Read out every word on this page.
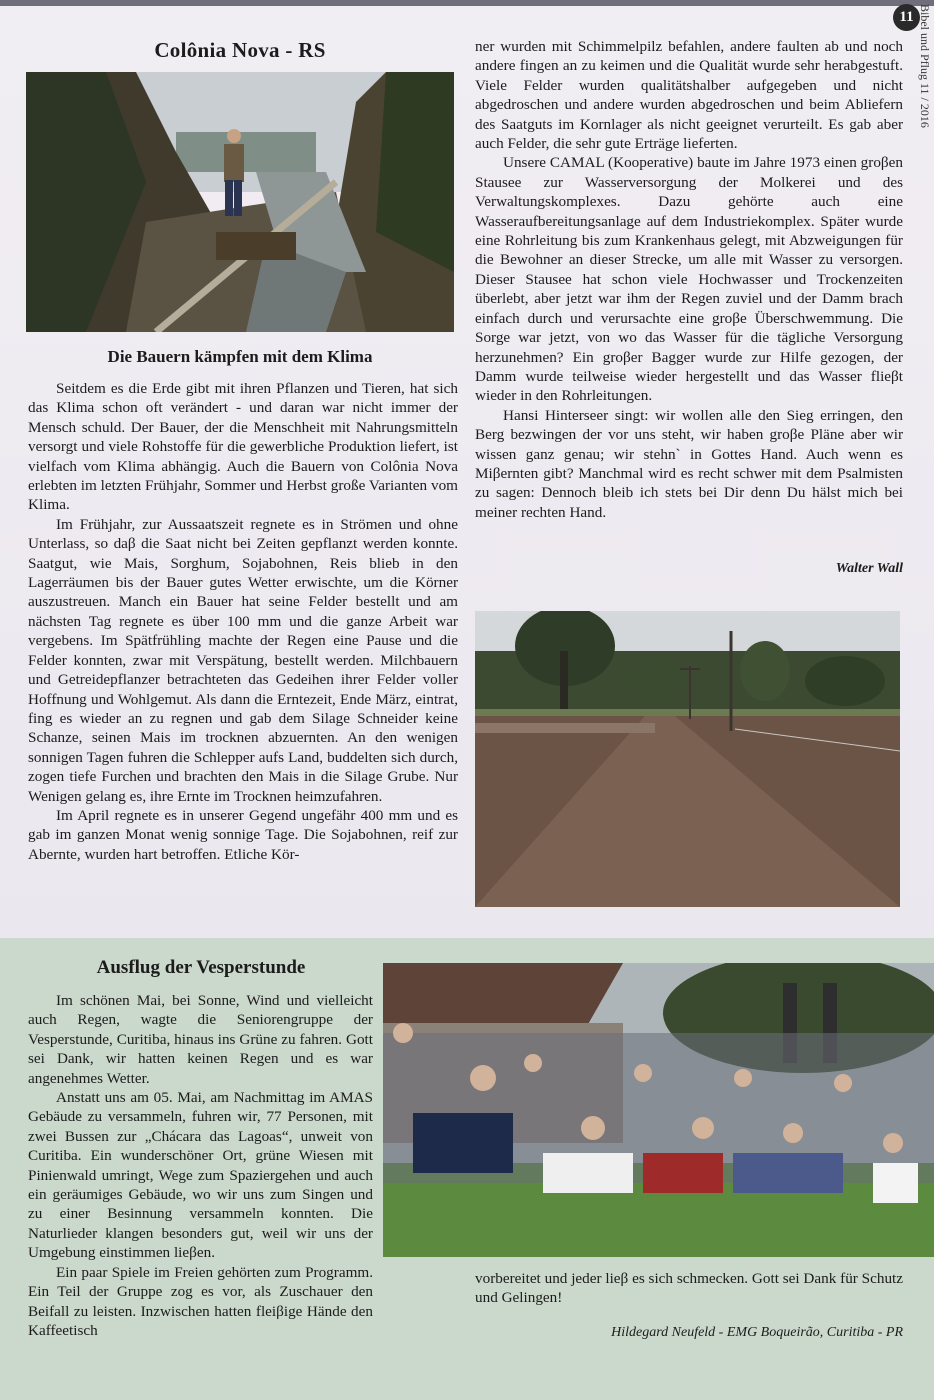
11 Bibel und Pflug 11 / 2016
Colônia Nova - RS
Die Bauern kämpfen mit dem Klima

Seitdem es die Erde gibt mit ihren Pflanzen und Tieren, hat sich das Klima schon oft verändert - und daran war nicht immer der Mensch schuld. Der Bauer, der die Menschheit mit Nahrungsmitteln versorgt und viele Rohstoffe für die gewerbliche Produktion liefert, ist vielfach vom Klima abhängig. Auch die Bauern von Colônia Nova erlebten im letzten Frühjahr, Sommer und Herbst große Varianten vom Klima.

Im Frühjahr, zur Aussaatszeit regnete es in Strömen und ohne Unterlass, so daβ die Saat nicht bei Zeiten gepflanzt werden konnte. Saatgut, wie Mais, Sorghum, Sojabohnen, Reis blieb in den Lagerräumen bis der Bauer gutes Wetter erwischte, um die Körner auszustreuen. Manch ein Bauer hat seine Felder bestellt und am nächsten Tag regnete es über 100 mm und die ganze Arbeit war vergebens. Im Spätfrühling machte der Regen eine Pause und die Felder konnten, zwar mit Verspätung, bestellt werden. Milchbauern und Getreidepflanzer betrachteten das Gedeihen ihrer Felder voller Hoffnung und Wohlgemut. Als dann die Erntezeit, Ende März, eintrat, fing es wieder an zu regnen und gab dem Silage Schneider keine Schanze, seinen Mais im trocknen abzuernten. An den wenigen sonnigen Tagen fuhren die Schlepper aufs Land, buddelten sich durch, zogen tiefe Furchen und brachten den Mais in die Silage Grube. Nur Wenigen gelang es, ihre Ernte im Trocknen heimzufahren.

Im April regnete es in unserer Gegend ungefähr 400 mm und es gab im ganzen Monat wenig sonnige Tage. Die Sojabohnen, reif zur Abernte, wurden hart betroffen. Etliche Kör-

ner wurden mit Schimmelpilz befahlen, andere faulten ab und noch andere fingen an zu keimen und die Qualität wurde sehr herabgestuft. Viele Felder wurden qualitätshalber aufgegeben und nicht abgedroschen und andere wurden abgedroschen und beim Abliefern des Saatguts im Kornlager als nicht geeignet verurteilt. Es gab aber auch Felder, die sehr gute Erträge lieferten.

Unsere CAMAL (Kooperative) baute im Jahre 1973 einen groβen Stausee zur Wasserversorgung der Molkerei und des Verwaltungskomplexes. Dazu gehörte auch eine Wasseraufbereitungsanlage auf dem Industriekomplex. Später wurde eine Rohrleitung bis zum Krankenhaus gelegt, mit Abzweigungen für die Bewohner an dieser Strecke, um alle mit Wasser zu versorgen. Dieser Stausee hat schon viele Hochwasser und Trockenzeiten überlebt, aber jetzt war ihm der Regen zuviel und der Damm brach einfach durch und verursachte eine groβe Überschwemmung. Die Sorge war jetzt, von wo das Wasser für die tägliche Versorgung herzunehmen? Ein groβer Bagger wurde zur Hilfe gezogen, der Damm wurde teilweise wieder hergestellt und das Wasser flieβt wieder in den Rohrleitungen.

Hansi Hinterseer singt: wir wollen alle den Sieg erringen, den Berg bezwingen der vor uns steht, wir haben groβe Pläne aber wir wissen ganz genau; wir stehn` in Gottes Hand. Auch wenn es Miβernten gibt? Manchmal wird es recht schwer mit dem Psalmisten zu sagen: Dennoch bleib ich stets bei Dir denn Du hälst mich bei meiner rechten Hand.

Walter Wall
Ausflug der Vesperstunde

Im schönen Mai, bei Sonne, Wind und vielleicht auch Regen, wagte die Seniorengruppe der Vesperstunde, Curitiba, hinaus ins Grüne zu fahren. Gott sei Dank, wir hatten keinen Regen und es war angenehmes Wetter.

Anstatt uns am 05. Mai, am Nachmittag im AMAS Gebäude zu versammeln, fuhren wir, 77 Personen, mit zwei Bussen zur „Chácara das Lagoas“, unweit von Curitiba. Ein wunderschöner Ort, grüne Wiesen mit Pinienwald umringt, Wege zum Spaziergehen und auch ein geräumiges Gebäude, wo wir uns zum Singen und zu einer Besinnung versammeln konnten. Die Naturlieder klangen besonders gut, weil wir uns der Umgebung einstimmen lieβen.

Ein paar Spiele im Freien gehörten zum Programm. Ein Teil der Gruppe zog es vor, als Zuschauer den Beifall zu leisten. Inzwischen hatten fleiβige Hände den Kaffeetisch

vorbereitet und jeder lieβ es sich schmecken. Gott sei Dank für Schutz und Gelingen!

Hildegard Neufeld - EMG Boqueirão, Curitiba - PR
